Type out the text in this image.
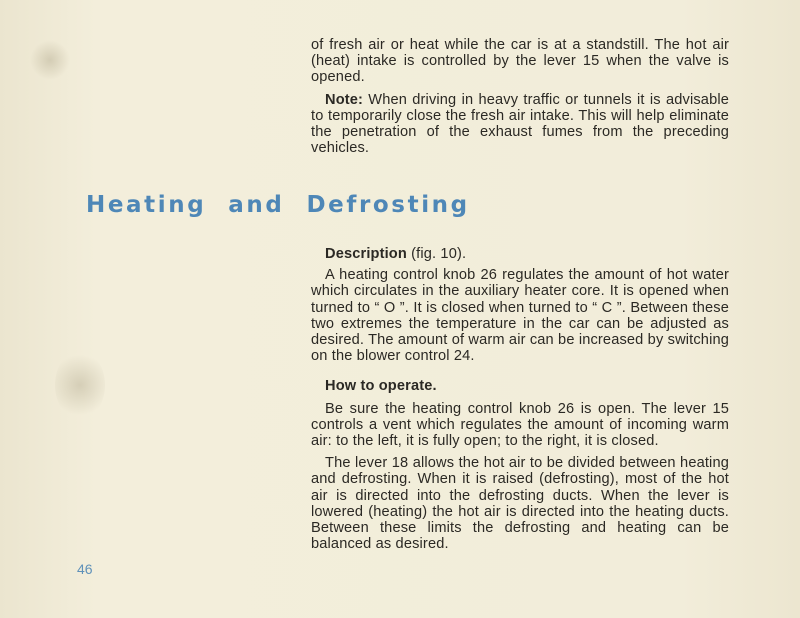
of fresh air or heat while the car is at a standstill. The hot air (heat) intake is controlled by the lever 15 when the valve is opened.

Note: When driving in heavy traffic or tunnels it is advisable to temporarily close the fresh air intake. This will help eliminate the penetration of the exhaust fumes from the preceding vehicles.

Heating and Defrosting

Description (fig. 10).

A heating control knob 26 regulates the amount of hot water which circulates in the auxiliary heater core. It is opened when turned to “ O ”. It is closed when turned to “ C ”. Between these two extremes the temperature in the car can be adjusted as desired. The amount of warm air can be increased by switching on the blower control 24.

How to operate.

Be sure the heating control knob 26 is open. The lever 15 controls a vent which regulates the amount of incoming warm air: to the left, it is fully open; to the right, it is closed.

The lever 18 allows the hot air to be divided between heating and defrosting. When it is raised (defrosting), most of the hot air is directed into the defrosting ducts. When the lever is lowered (heating) the hot air is directed into the heating ducts. Between these limits the defrosting and heating can be balanced as desired.

46
